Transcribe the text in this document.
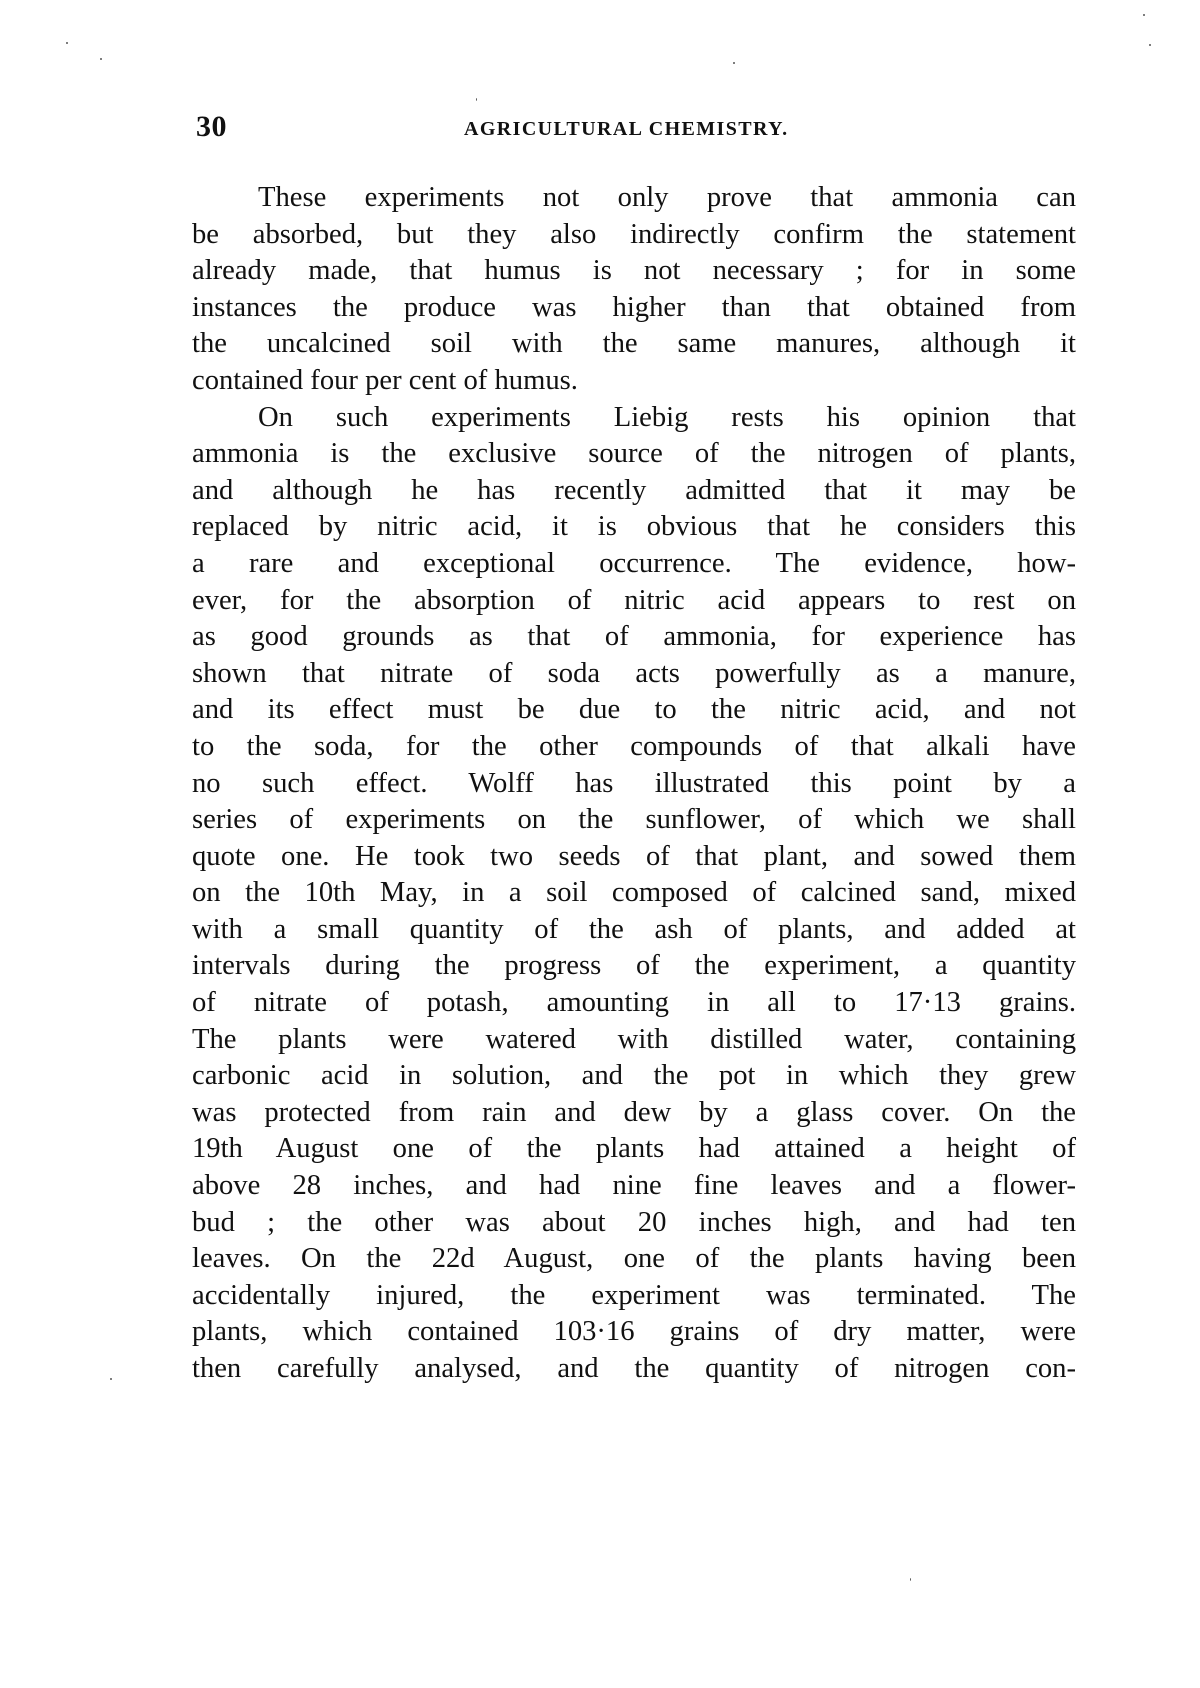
30	AGRICULTURAL CHEMISTRY.
These experiments not only prove that ammonia can
be absorbed, but they also indirectly confirm the statement
already made, that humus is not necessary ; for in some
instances the produce was higher than that obtained from
the uncalcined soil with the same manures, although it
contained four per cent of humus.
On such experiments Liebig rests his opinion that
ammonia is the exclusive source of the nitrogen of plants,
and although he has recently admitted that it may be
replaced by nitric acid, it is obvious that he considers this
a rare and exceptional occurrence. The evidence, how-
ever, for the absorption of nitric acid appears to rest on
as good grounds as that of ammonia, for experience has
shown that nitrate of soda acts powerfully as a manure,
and its effect must be due to the nitric acid, and not
to the soda, for the other compounds of that alkali have
no such effect. Wolff has illustrated this point by a
series of experiments on the sunflower, of which we shall
quote one. He took two seeds of that plant, and sowed them
on the 10th May, in a soil composed of calcined sand, mixed
with a small quantity of the ash of plants, and added at
intervals during the progress of the experiment, a quantity
of nitrate of potash, amounting in all to 17·13 grains.
The plants were watered with distilled water, containing
carbonic acid in solution, and the pot in which they grew
was protected from rain and dew by a glass cover. On the
19th August one of the plants had attained a height of
above 28 inches, and had nine fine leaves and a flower-
bud ; the other was about 20 inches high, and had ten
leaves. On the 22d August, one of the plants having been
accidentally injured, the experiment was terminated. The
plants, which contained 103·16 grains of dry matter, were
then carefully analysed, and the quantity of nitrogen con-
